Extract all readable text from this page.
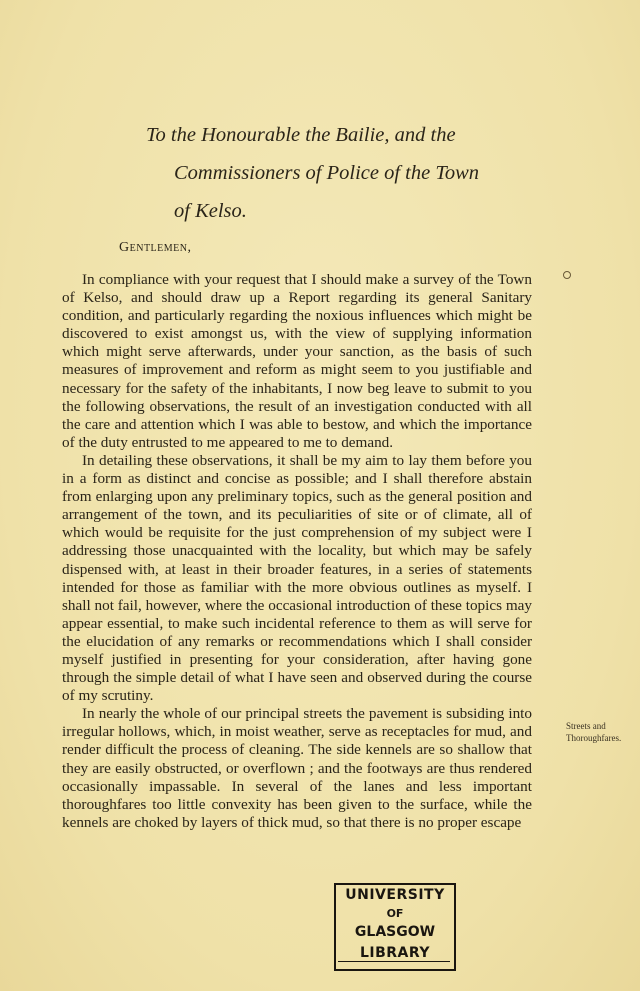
To the Honourable the Bailie, and the
Commissioners of Police of the Town
of Kelso.
Gentlemen,

In compliance with your request that I should make a survey of the Town of Kelso, and should draw up a Report regarding its general Sanitary condition, and particularly regarding the noxious influences which might be discovered to exist amongst us, with the view of supplying information which might serve afterwards, under your sanction, as the basis of such measures of improvement and reform as might seem to you justifiable and necessary for the safety of the inhabitants, I now beg leave to submit to you the following observations, the result of an investigation conducted with all the care and attention which I was able to bestow, and which the importance of the duty entrusted to me appeared to me to demand.

In detailing these observations, it shall be my aim to lay them before you in a form as distinct and concise as possible; and I shall therefore abstain from enlarging upon any preliminary topics, such as the general position and arrangement of the town, and its peculiarities of site or of climate, all of which would be requisite for the just comprehension of my subject were I addressing those unacquainted with the locality, but which may be safely dispensed with, at least in their broader features, in a series of statements intended for those as familiar with the more obvious outlines as myself. I shall not fail, however, where the occasional introduction of these topics may appear essential, to make such incidental reference to them as will serve for the elucidation of any remarks or recommendations which I shall consider myself justified in presenting for your consideration, after having gone through the simple detail of what I have seen and observed during the course of my scrutiny.

In nearly the whole of our principal streets the pavement is subsiding into irregular hollows, which, in moist weather, serve as receptacles for mud, and render difficult the process of cleaning. The side kennels are so shallow that they are easily obstructed, or overflown ; and the footways are thus rendered occasionally impassable. In several of the lanes and less important thoroughfares too little convexity has been given to the surface, while the kennels are choked by layers of thick mud, so that there is no proper escape

Streets and
Thoroughfares.
UNIVERSITY
OF
GLASGOW
LIBRARY
